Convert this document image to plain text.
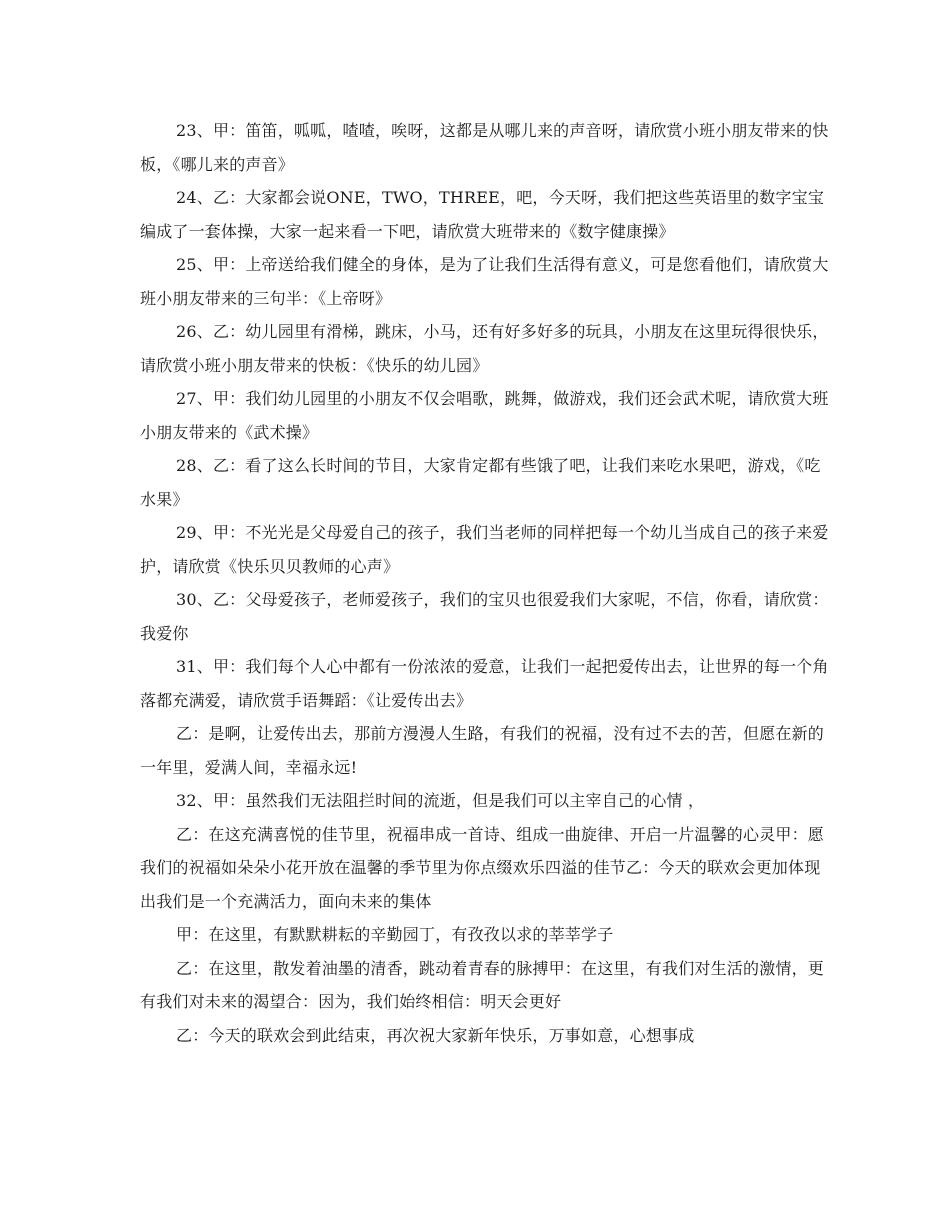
23、甲：笛笛，呱呱，喳喳，唉呀，这都是从哪儿来的声音呀，请欣赏小班小朋友带来的快板，《哪儿来的声音》

24、乙：大家都会说ONE，TWO，THREE，吧，今天呀，我们把这些英语里的数字宝宝编成了一套体操，大家一起来看一下吧，请欣赏大班带来的《数字健康操》

25、甲：上帝送给我们健全的身体，是为了让我们生活得有意义，可是您看他们，请欣赏大班小朋友带来的三句半：《上帝呀》

26、乙：幼儿园里有滑梯，跳床，小马，还有好多好多的玩具，小朋友在这里玩得很快乐，请欣赏小班小朋友带来的快板：《快乐的幼儿园》

27、甲：我们幼儿园里的小朋友不仅会唱歌，跳舞，做游戏，我们还会武术呢，请欣赏大班小朋友带来的《武术操》

28、乙：看了这么长时间的节目，大家肯定都有些饿了吧，让我们来吃水果吧，游戏，《吃水果》

29、甲：不光光是父母爱自己的孩子，我们当老师的同样把每一个幼儿当成自己的孩子来爱护，请欣赏《快乐贝贝教师的心声》

30、乙：父母爱孩子，老师爱孩子，我们的宝贝也很爱我们大家呢，不信，你看，请欣赏：我爱你

31、甲：我们每个人心中都有一份浓浓的爱意，让我们一起把爱传出去，让世界的每一个角落都充满爱，请欣赏手语舞蹈：《让爱传出去》

乙：是啊，让爱传出去，那前方漫漫人生路，有我们的祝福，没有过不去的苦，但愿在新的一年里，爱满人间，幸福永远!

32、甲：虽然我们无法阻拦时间的流逝，但是我们可以主宰自己的心情 ，

乙：在这充满喜悦的佳节里，祝福串成一首诗、组成一曲旋律、开启一片温馨的心灵甲：愿我们的祝福如朵朵小花开放在温馨的季节里为你点缀欢乐四溢的佳节乙：今天的联欢会更加体现出我们是一个充满活力，面向未来的集体

甲：在这里，有默默耕耘的辛勤园丁，有孜孜以求的莘莘学子

乙：在这里，散发着油墨的清香，跳动着青春的脉搏甲：在这里，有我们对生活的激情，更有我们对未来的渴望合：因为，我们始终相信：明天会更好

乙：今天的联欢会到此结束，再次祝大家新年快乐，万事如意，心想事成
